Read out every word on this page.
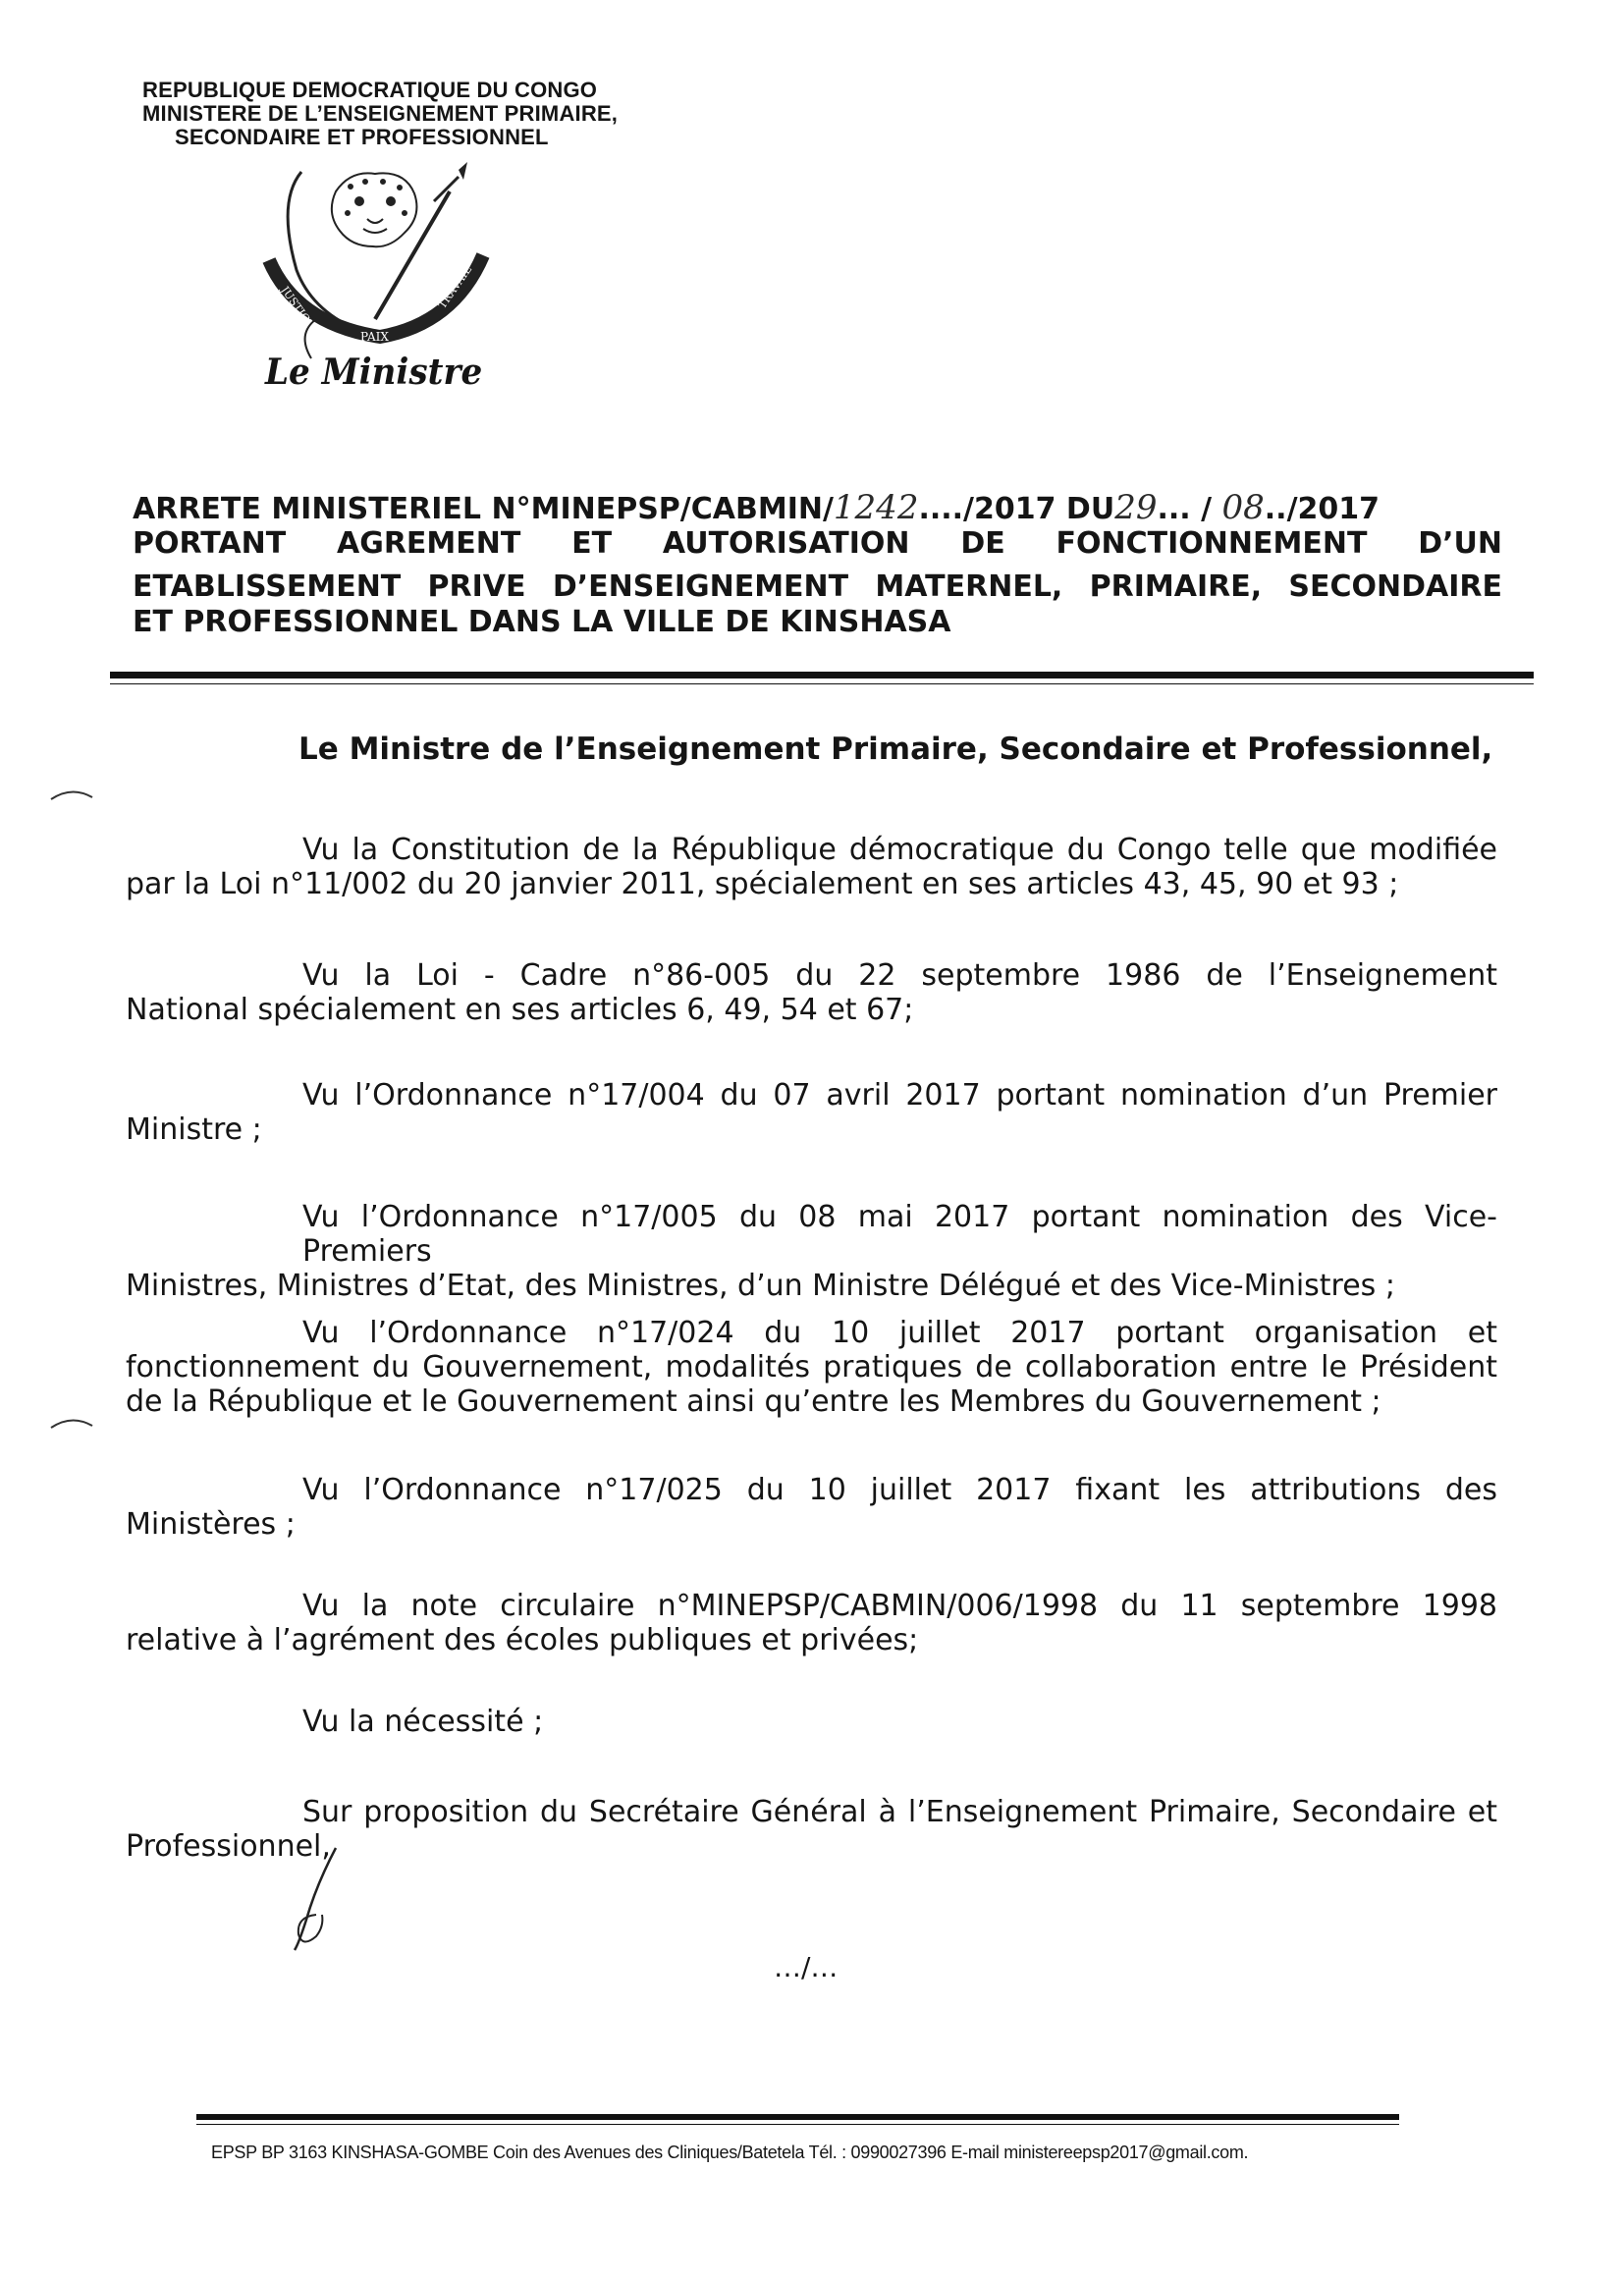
REPUBLIQUE DEMOCRATIQUE DU CONGO
MINISTERE DE L’ENSEIGNEMENT PRIMAIRE,
SECONDAIRE ET PROFESSIONNEL
JUSTICE
PAIX
TRAVAIL
Le Ministre
ARRETE MINISTERIEL N°MINEPSP/CABMIN/1242..../2017 DU29... / 08../2017
PORTANT AGREMENT ET AUTORISATION DE FONCTIONNEMENT D’UN
ETABLISSEMENT PRIVE D’ENSEIGNEMENT MATERNEL, PRIMAIRE, SECONDAIRE
ET PROFESSIONNEL DANS LA VILLE DE KINSHASA
Le Ministre de l’Enseignement Primaire, Secondaire et Professionnel,
Vu la Constitution de la République démocratique du Congo telle que modifiée
par la Loi n°11/002 du 20 janvier 2011, spécialement en ses articles 43, 45, 90 et 93 ;
Vu la Loi - Cadre n°86-005 du 22 septembre 1986 de l’Enseignement
National spécialement en ses articles 6, 49, 54 et 67;
Vu l’Ordonnance n°17/004 du 07 avril 2017 portant nomination d’un Premier
Ministre ;
Vu l’Ordonnance n°17/005 du 08 mai 2017 portant nomination des Vice-Premiers
Ministres, Ministres d’Etat, des Ministres, d’un Ministre Délégué et des Vice-Ministres ;
Vu l’Ordonnance n°17/024 du 10 juillet 2017 portant organisation et
fonctionnement du Gouvernement, modalités pratiques de collaboration entre le Président
de la République et le Gouvernement ainsi qu’entre les Membres du Gouvernement ;
Vu l’Ordonnance n°17/025 du 10 juillet 2017 fixant les attributions des
Ministères ;
Vu la note circulaire n°MINEPSP/CABMIN/006/1998 du 11 septembre 1998
relative à l’agrément des écoles publiques et privées;
Vu la nécessité ;
Sur proposition du Secrétaire Général à l’Enseignement Primaire, Secondaire et
Professionnel,
…/…
EPSP BP 3163 KINSHASA-GOMBE Coin des Avenues des Cliniques/Batetela Tél. : 0990027396 E-mail ministereepsp2017@gmail.com.
